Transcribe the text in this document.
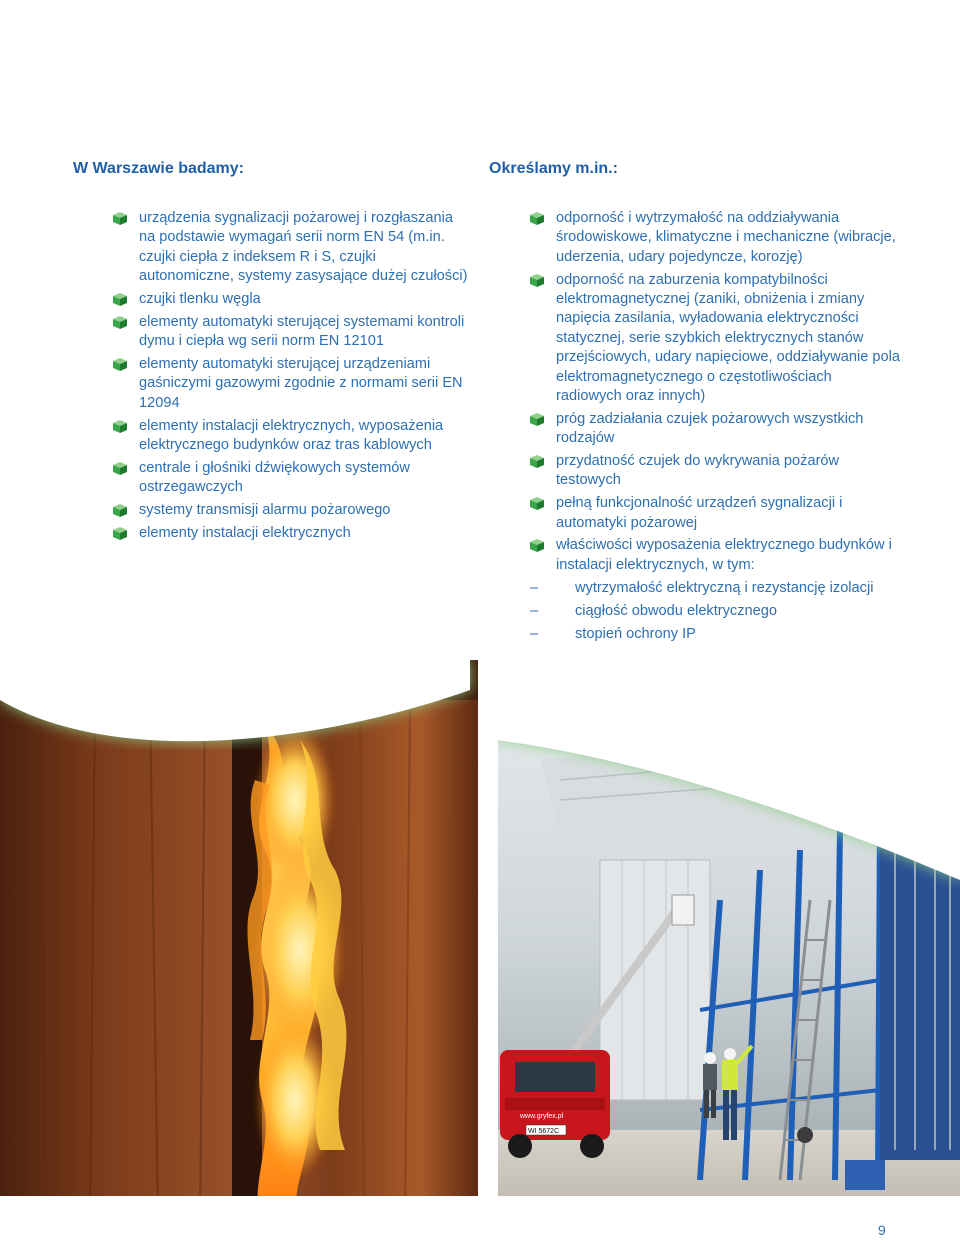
W Warszawie badamy:	Określamy m.in.:
urządzenia sygnalizacji pożarowej i rozgłaszania na podstawie wymagań serii norm EN 54 (m.in. czujki ciepła z indeksem R i S, czujki autonomiczne, systemy zasysające dużej czułości)
czujki tlenku węgla
elementy automatyki sterującej systemami kontroli dymu i ciepła wg serii norm EN 12101
elementy automatyki sterującej urządzeniami gaśniczymi gazowymi zgodnie z normami serii EN 12094
elementy instalacji elektrycznych, wyposażenia elektrycznego budynków oraz tras kablowych
centrale i głośniki dźwiękowych systemów ostrzegawczych
systemy transmisji alarmu pożarowego
elementy instalacji elektrycznych
odporność i wytrzymałość na oddziaływania środowiskowe, klimatyczne i mechaniczne (wibracje, uderzenia, udary pojedyncze, korozję)
odporność na zaburzenia kompatybilności elektromagnetycznej (zaniki, obniżenia i zmiany napięcia zasilania, wyładowania elektryczności statycznej, serie szybkich elektrycznych stanów przejściowych, udary napięciowe, oddziaływanie pola elektromagnetycznego o częstotliwościach radiowych oraz innych)
próg zadziałania czujek pożarowych wszystkich rodzajów
przydatność czujek do wykrywania pożarów testowych
pełną funkcjonalność urządzeń sygnalizacji i automatyki pożarowej
właściwości wyposażenia elektrycznego budynków i instalacji elektrycznych, w tym:
–	wytrzymałość elektryczną i rezystancję izolacji
–	ciągłość obwodu elektrycznego
–	stopień ochrony IP
www.gryfex.pl
WI 5672C
9
